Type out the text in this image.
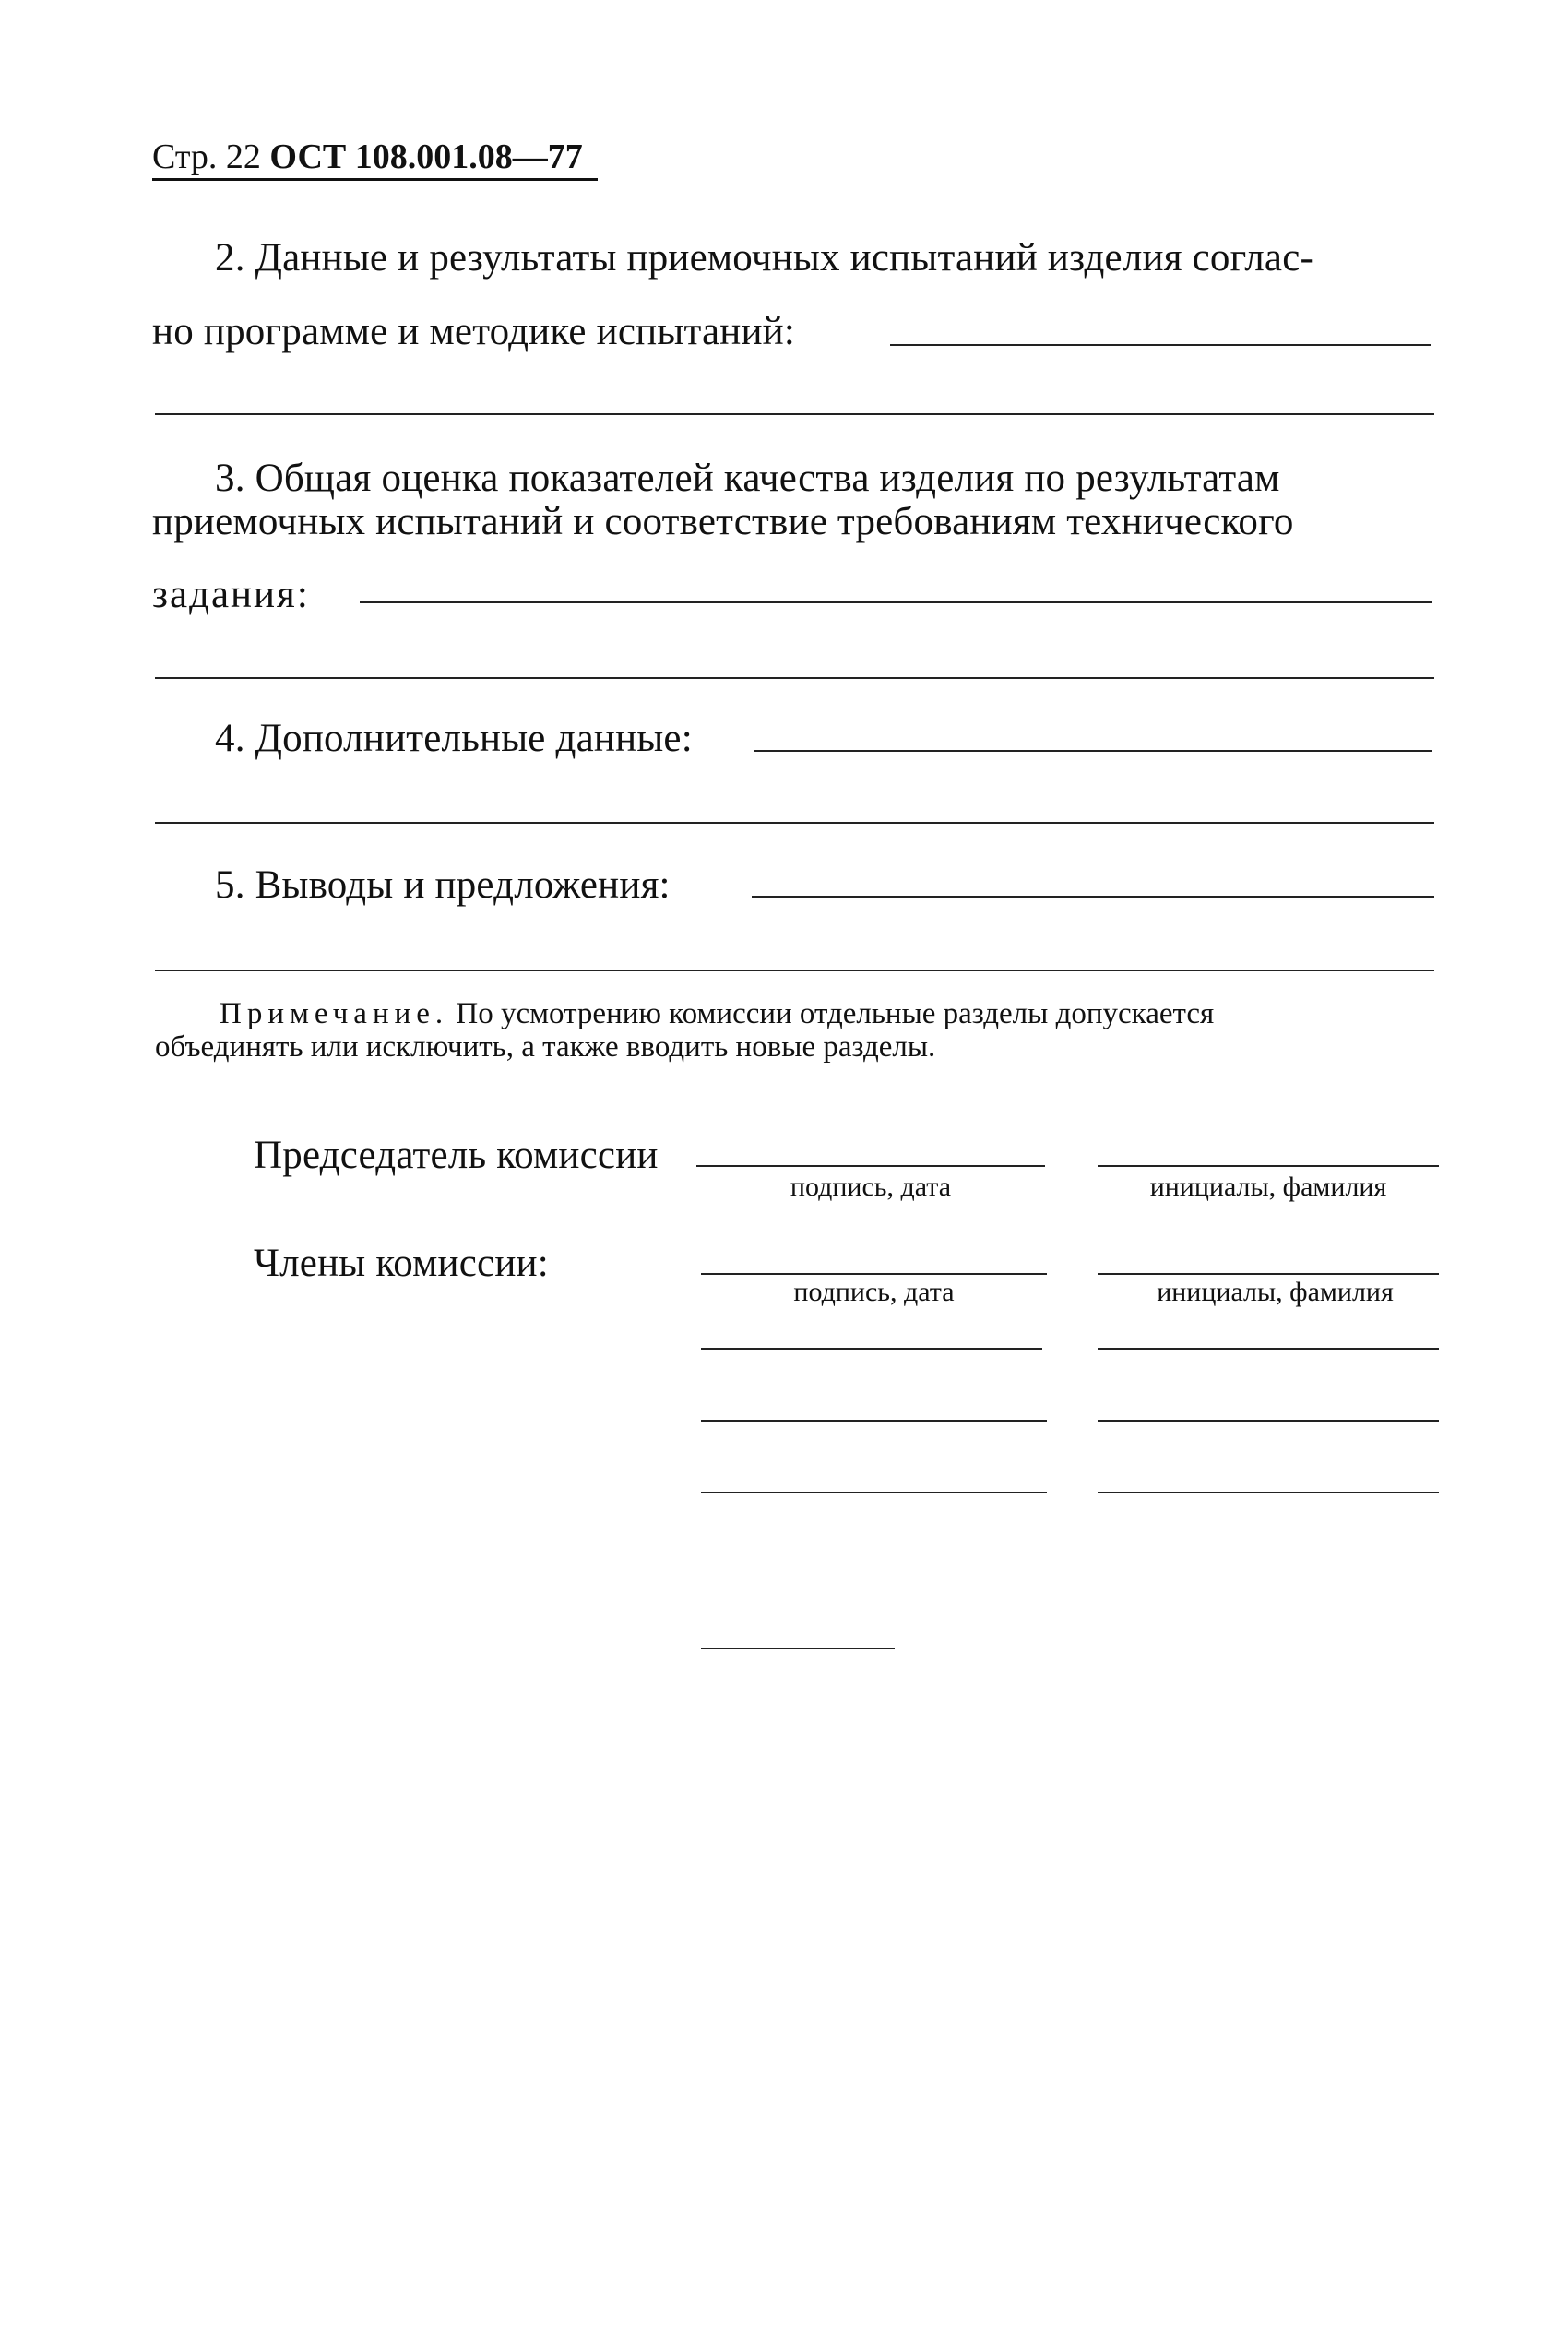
Стр. 22 ОСТ 108.001.08—77
2. Данные и результаты приемочных испытаний изделия соглас-
но программе и методике испытаний:
3. Общая оценка показателей качества изделия по результатам
приемочных испытаний и соответствие требованиям технического
задания:
4. Дополнительные данные:
5. Выводы и предложения:
Примечание. По усмотрению комиссии отдельные разделы допускается
объединять или исключить, а также вводить новые разделы.
Председатель комиссии
подпись, дата	инициалы, фамилия
Члены комиссии:
подпись, дата	инициалы, фамилия
